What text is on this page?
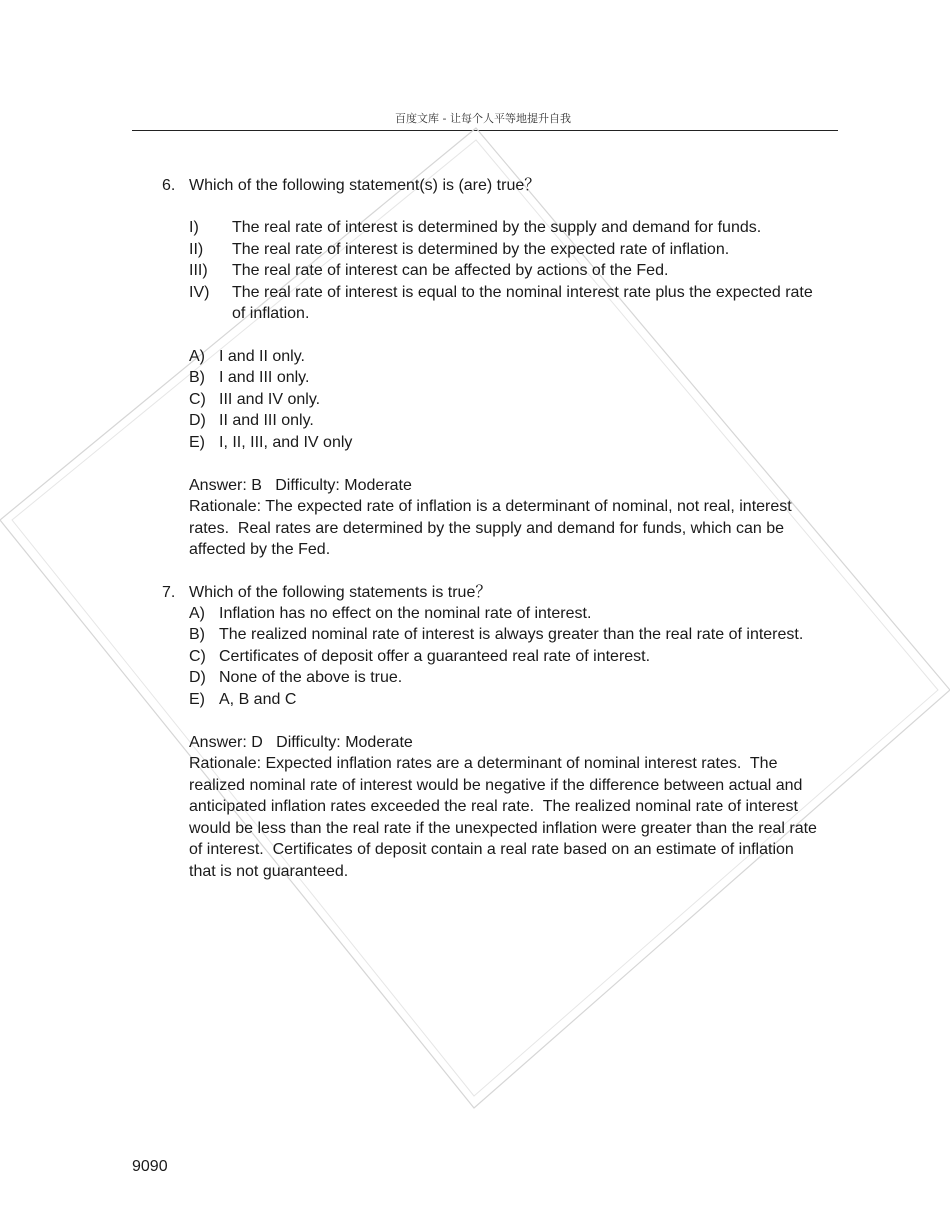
百度文库 - 让每个人平等地提升自我
6. Which of the following statement(s) is (are) true？
I) The real rate of interest is determined by the supply and demand for funds.
II) The real rate of interest is determined by the expected rate of inflation.
III) The real rate of interest can be affected by actions of the Fed.
IV) The real rate of interest is equal to the nominal interest rate plus the expected rate
of inflation.
A) I and II only.
B) I and III only.
C) III and IV only.
D) II and III only.
E) I, II, III, and IV only
Answer: B   Difficulty: Moderate
Rationale: The expected rate of inflation is a determinant of nominal, not real, interest
rates.  Real rates are determined by the supply and demand for funds, which can be
affected by the Fed.
7. Which of the following statements is true？
A) Inflation has no effect on the nominal rate of interest.
B) The realized nominal rate of interest is always greater than the real rate of interest.
C) Certificates of deposit offer a guaranteed real rate of interest.
D) None of the above is true.
E) A, B and C
Answer: D   Difficulty: Moderate
Rationale: Expected inflation rates are a determinant of nominal interest rates.  The
realized nominal rate of interest would be negative if the difference between actual and
anticipated inflation rates exceeded the real rate.  The realized nominal rate of interest
would be less than the real rate if the unexpected inflation were greater than the real rate
of interest.  Certificates of deposit contain a real rate based on an estimate of inflation
that is not guaranteed.
9090
